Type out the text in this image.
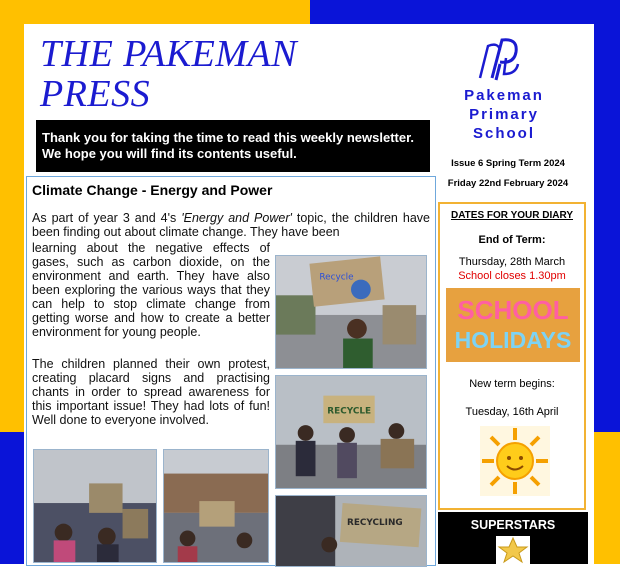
THE PAKEMAN
PRESS
Thank you for taking the time to read this weekly newsletter.
We hope you will find its contents useful.
Pakeman
Primary
School
Issue 6 Spring Term 2024
Friday 22nd February 2024
Climate Change - Energy and Power
As part of year 3 and 4's 'Energy and Power' topic, the children have been finding out about climate change. They have been
learning about the negative effects of gases, such as carbon dioxide, on the environment and earth. They have also been exploring the various ways that they can help to stop climate change from getting worse and how to create a better environment for young people.
The children planned their own protest, creating placard signs and practising chants in order to spread awareness for this important issue! They had lots of fun! Well done to everyone involved.
Recycle
RECYCLE
RECYCLING
DATES FOR YOUR DIARY
End of Term:
Thursday, 28th March
School closes 1.30pm
SCHOOL
HOLIDAYS
New term begins:
Tuesday, 16th April
SUPERSTARS
